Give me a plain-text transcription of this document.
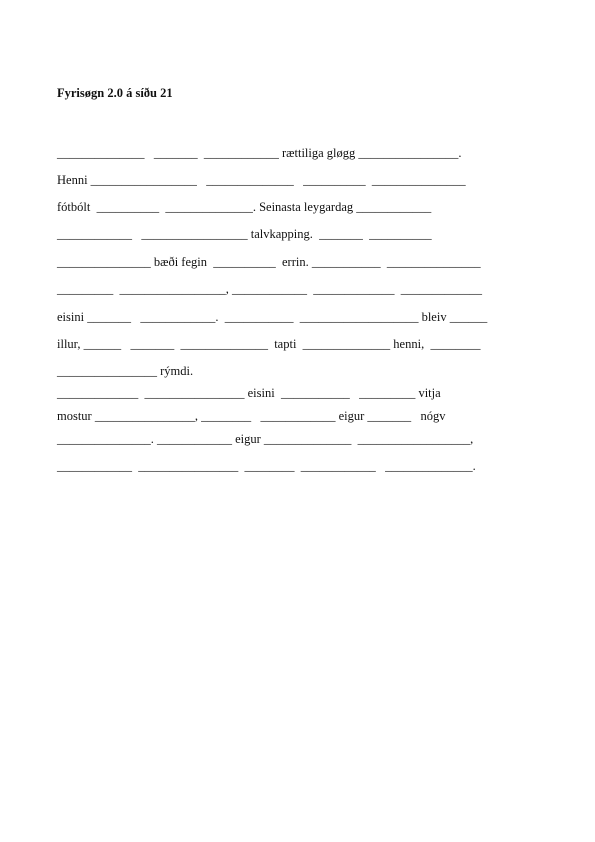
Fyrisøgn 2.0 á síðu 21
______________   _______  ____________ rættiliga gløgg ________________.
Henni _________________   ______________   __________  _______________
fótbólt  __________  ______________. Seinasta leygardag ____________
____________   _________________ talvkapping.  _______  __________
_______________ bæði fegin  __________  errin. ___________  _______________
_________  _________________, ____________  _____________  _____________
eisini _______   ____________.  ___________  ___________________ bleiv ______
illur, ______   _______  ______________  tapti  ______________ henni,  ________
________________ rýmdi.
_____________  ________________ eisini  ___________   _________ vitja
mostur ________________, ________   ____________ eigur _______   nógv
_______________. ____________ eigur ______________  __________________,
____________  ________________  ________  ____________   ______________.
